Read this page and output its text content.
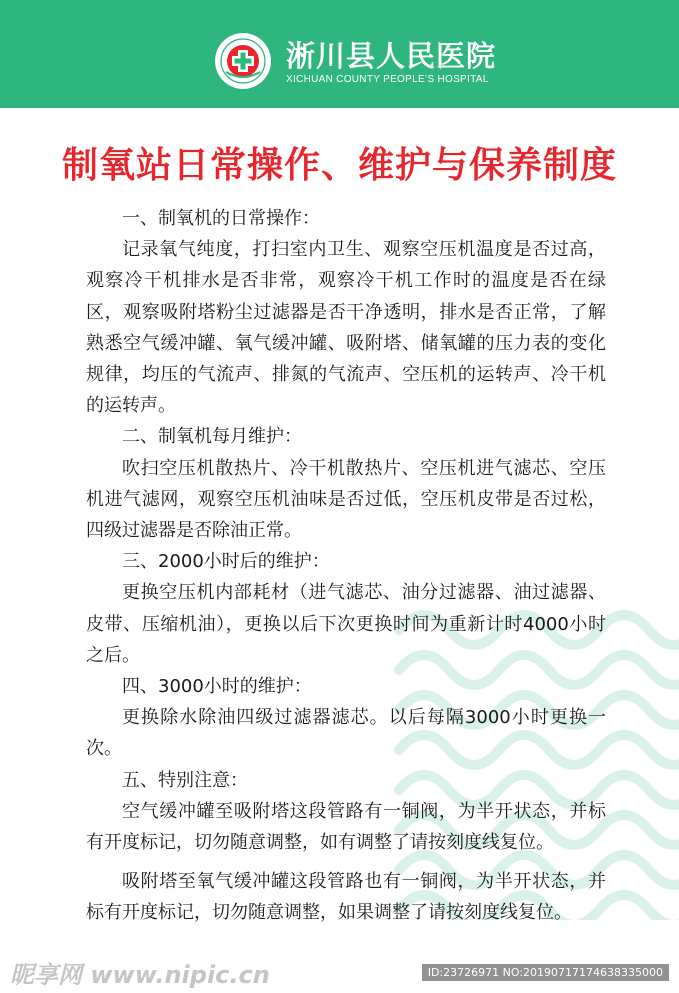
淅川县人民医院
XICHUAN COUNTY PEOPLE’S HOSPITAL
制氧站日常操作、维护与保养制度

一、制氧机的日常操作：

记录氧气纯度，打扫室内卫生、观察空压机温度是否过高，观察冷干机排水是否非常，观察冷干机工作时的温度是否在绿区，观察吸附塔粉尘过滤器是否干净透明，排水是否正常，了解熟悉空气缓冲罐、氧气缓冲罐、吸附塔、储氧罐的压力表的变化规律，均压的气流声、排氮的气流声、空压机的运转声、冷干机的运转声。

二、制氧机每月维护：

吹扫空压机散热片、冷干机散热片、空压机进气滤芯、空压机进气滤网，观察空压机油味是否过低，空压机皮带是否过松，四级过滤器是否除油正常。

三、2000小时后的维护：

更换空压机内部耗材（进气滤芯、油分过滤器、油过滤器、皮带、压缩机油），更换以后下次更换时间为重新计时4000小时之后。

四、3000小时的维护：

更换除水除油四级过滤器滤芯。以后每隔3000小时更换一次。

五、特别注意：

空气缓冲罐至吸附塔这段管路有一铜阀，为半开状态，并标有开度标记，切勿随意调整，如有调整了请按刻度线复位。

吸附塔至氧气缓冲罐这段管路也有一铜阀，为半开状态，并标有开度标记，切勿随意调整，如果调整了请按刻度线复位。

昵享网 www.nipic.cn	ID:23726971 NO:20190717174638335000
